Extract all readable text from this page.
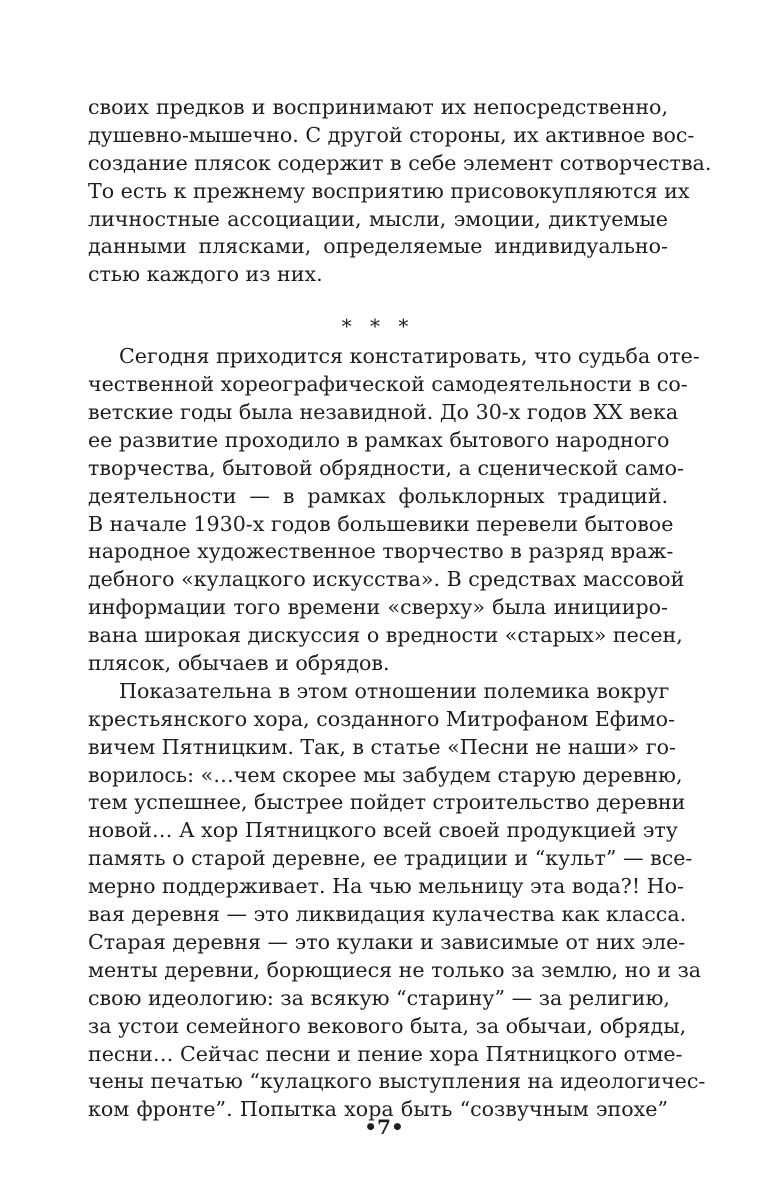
своих предков и воспринимают их непосредственно,
душевно-мышечно. С другой стороны, их активное вос-
создание плясок содержит в себе элемент сотворчества.
То есть к прежнему восприятию присовокупляются их
личностные ассоциации, мысли, эмоции, диктуемые
данными плясками, определяемые индивидуально-
стью каждого из них.
* * *
Сегодня приходится констатировать, что судьба оте-
чественной хореографической самодеятельности в со-
ветские годы была незавидной. До 30-х годов XX века
ее развитие проходило в рамках бытового народного
творчества, бытовой обрядности, а сценической само-
деятельности — в рамках фольклорных традиций.
В начале 1930-х годов большевики перевели бытовое
народное художественное творчество в разряд враж-
дебного «кулацкого искусства». В средствах массовой
информации того времени «сверху» была иницииро-
вана широкая дискуссия о вредности «старых» песен,
плясок, обычаев и обрядов.
Показательна в этом отношении полемика вокруг
крестьянского хора, созданного Митрофаном Ефимо-
вичем Пятницким. Так, в статье «Песни не наши» го-
ворилось: «…чем скорее мы забудем старую деревню,
тем успешнее, быстрее пойдет строительство деревни
новой… А хор Пятницкого всей своей продукцией эту
память о старой деревне, ее традиции и “культ” — все-
мерно поддерживает. На чью мельницу эта вода?! Но-
вая деревня — это ликвидация кулачества как класса.
Старая деревня — это кулаки и зависимые от них эле-
менты деревни, борющиеся не только за землю, но и за
свою идеологию: за всякую “старину” — за религию,
за устои семейного векового быта, за обычаи, обряды,
песни… Сейчас песни и пение хора Пятницкого отме-
чены печатью “кулацкого выступления на идеологичес-
ком фронте”. Попытка хора быть “созвучным эпохе”
•7•
